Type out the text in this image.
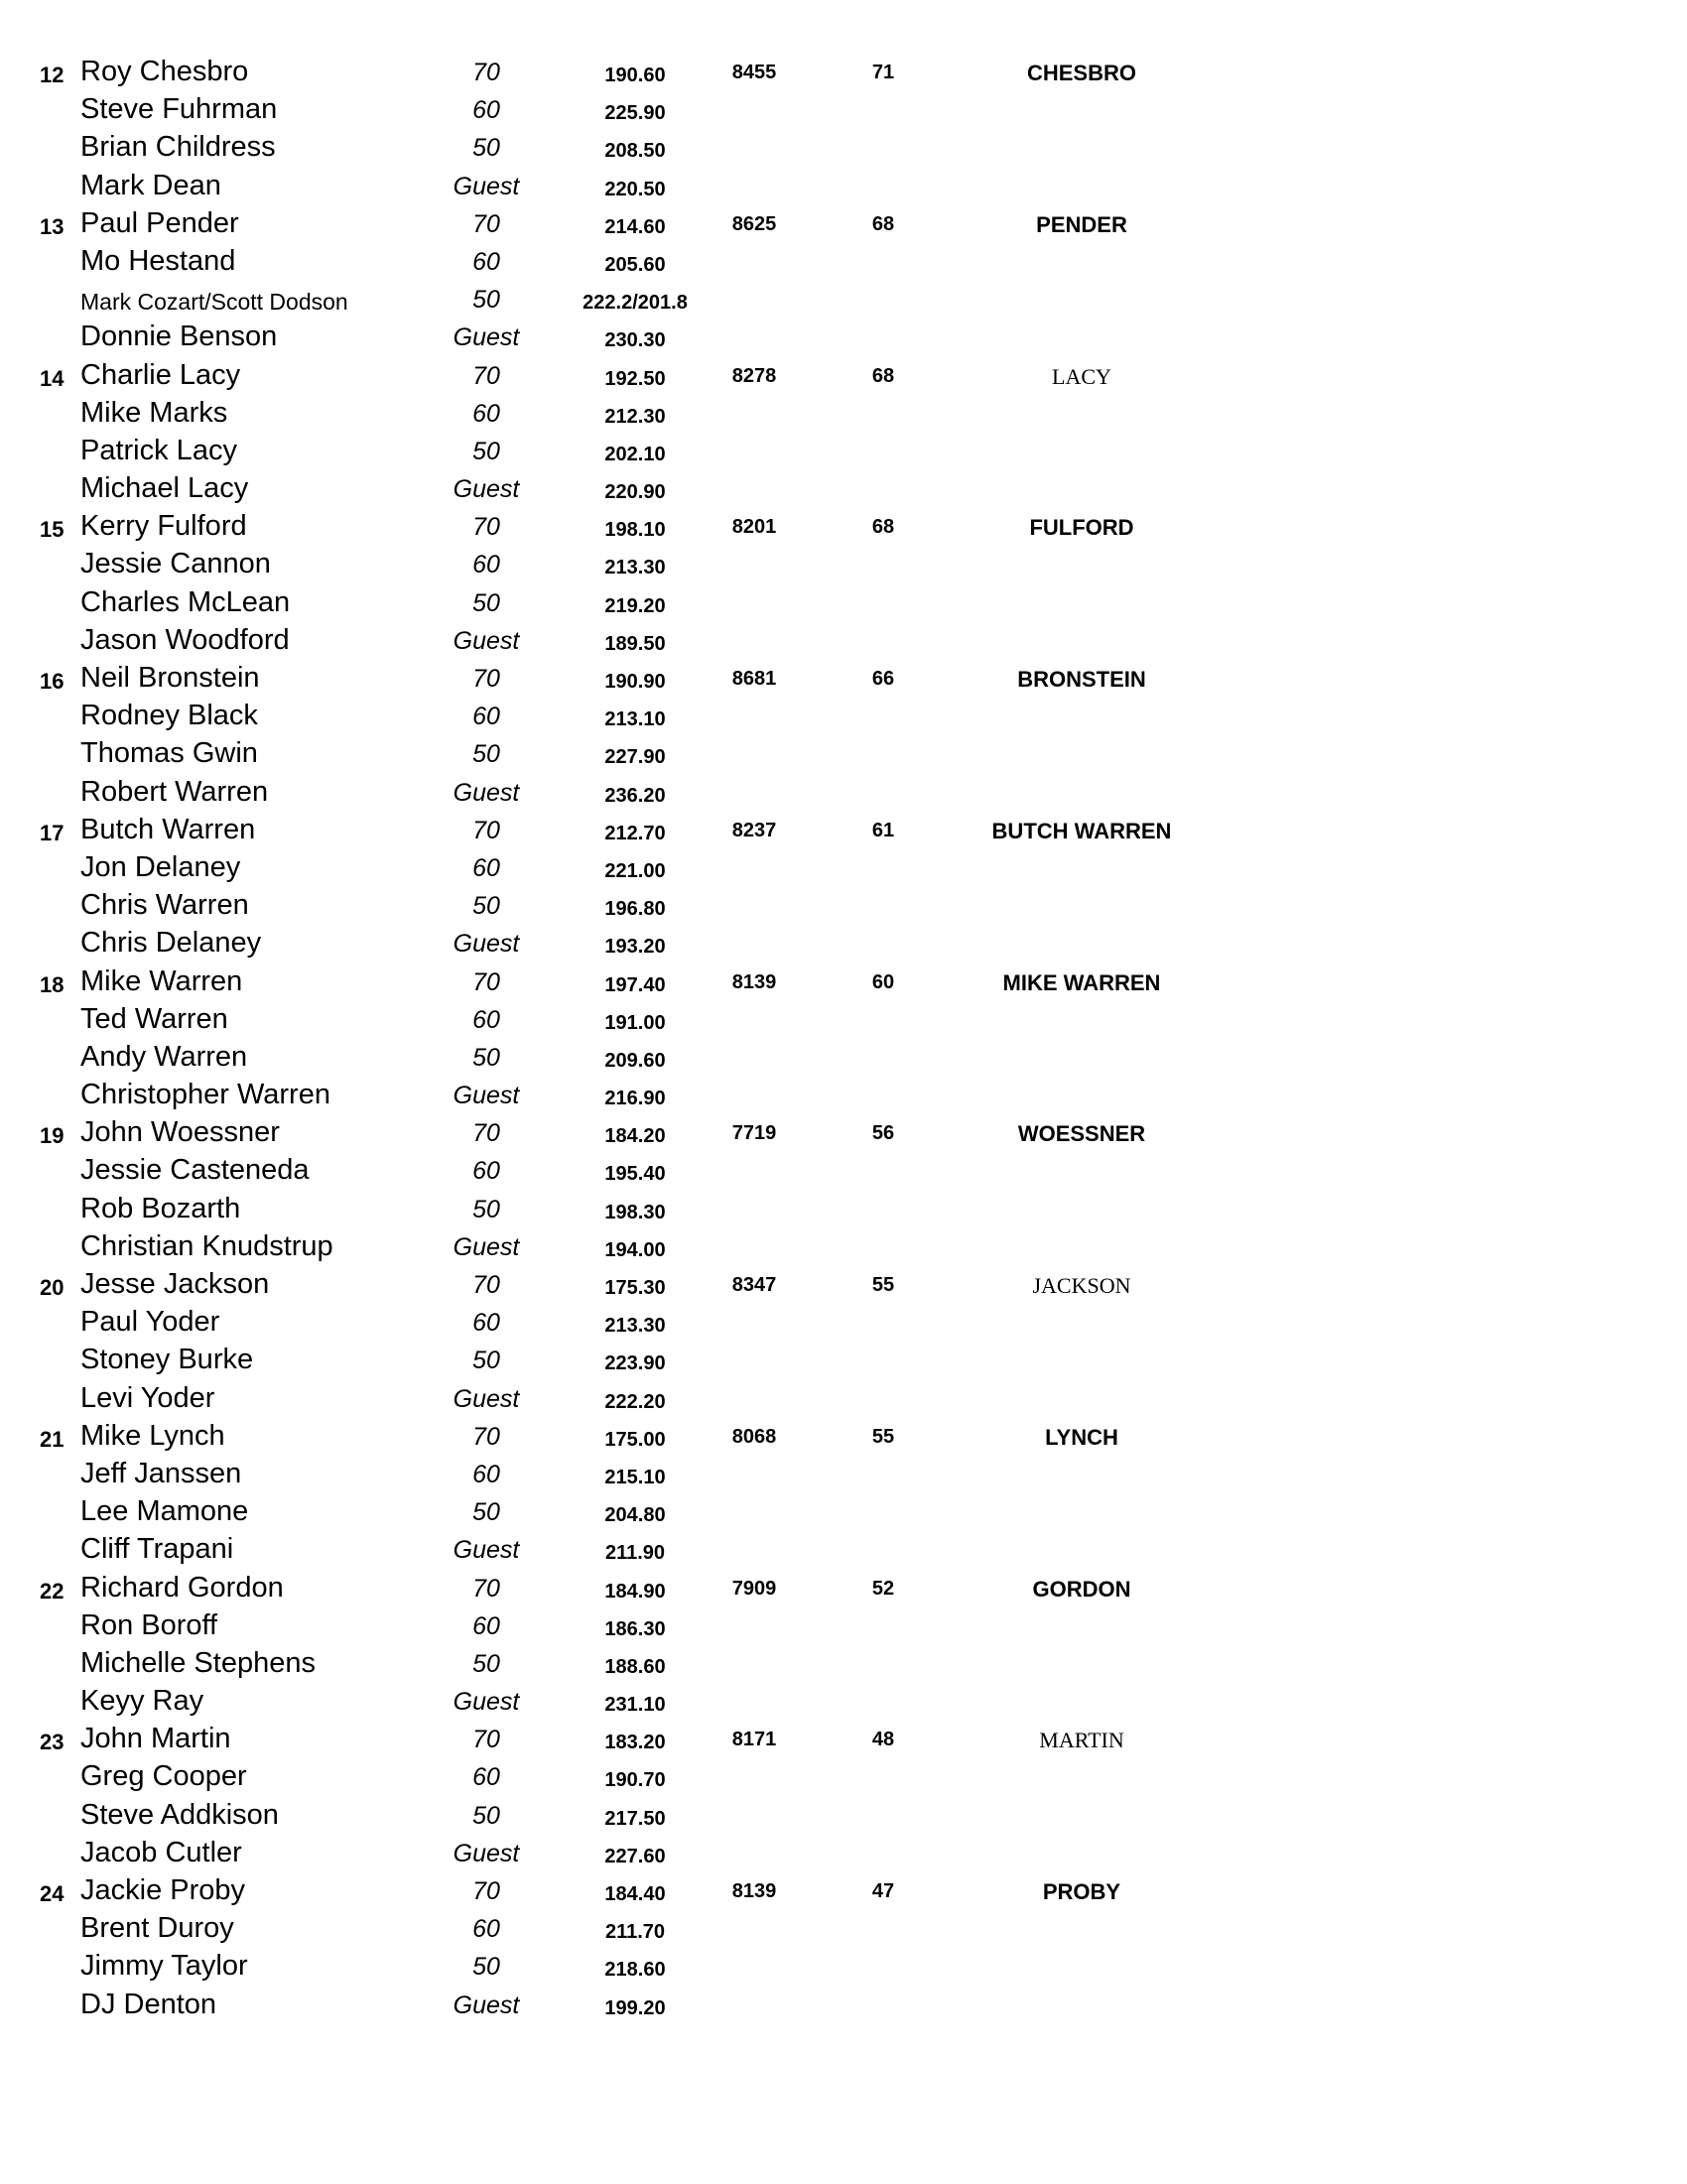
12 Roy Chesbro	70	190.60	8455	71	CHESBRO
Steve Fuhrman	60	225.90
Brian Childress	50	208.50
Mark Dean	Guest	220.50
13 Paul Pender	70	214.60	8625	68	PENDER
Mo Hestand	60	205.60
Mark Cozart/Scott Dodson	50	222.2/201.8
Donnie Benson	Guest	230.30
14 Charlie Lacy	70	192.50	8278	68	LACY
Mike Marks	60	212.30
Patrick Lacy	50	202.10
Michael Lacy	Guest	220.90
15 Kerry Fulford	70	198.10	8201	68	FULFORD
Jessie Cannon	60	213.30
Charles McLean	50	219.20
Jason Woodford	Guest	189.50
16 Neil Bronstein	70	190.90	8681	66	BRONSTEIN
Rodney Black	60	213.10
Thomas Gwin	50	227.90
Robert Warren	Guest	236.20
17 Butch Warren	70	212.70	8237	61	BUTCH WARREN
Jon Delaney	60	221.00
Chris Warren	50	196.80
Chris Delaney	Guest	193.20
18 Mike Warren	70	197.40	8139	60	MIKE WARREN
Ted Warren	60	191.00
Andy Warren	50	209.60
Christopher Warren	Guest	216.90
19 John Woessner	70	184.20	7719	56	WOESSNER
Jessie Casteneda	60	195.40
Rob Bozarth	50	198.30
Christian Knudstrup	Guest	194.00
20 Jesse Jackson	70	175.30	8347	55	JACKSON
Paul Yoder	60	213.30
Stoney Burke	50	223.90
Levi Yoder	Guest	222.20
21 Mike Lynch	70	175.00	8068	55	LYNCH
Jeff Janssen	60	215.10
Lee Mamone	50	204.80
Cliff Trapani	Guest	211.90
22 Richard Gordon	70	184.90	7909	52	GORDON
Ron Boroff	60	186.30
Michelle Stephens	50	188.60
Keyy Ray	Guest	231.10
23 John Martin	70	183.20	8171	48	MARTIN
Greg Cooper	60	190.70
Steve Addkison	50	217.50
Jacob Cutler	Guest	227.60
24 Jackie Proby	70	184.40	8139	47	PROBY
Brent Duroy	60	211.70
Jimmy Taylor	50	218.60
DJ Denton	Guest	199.20
